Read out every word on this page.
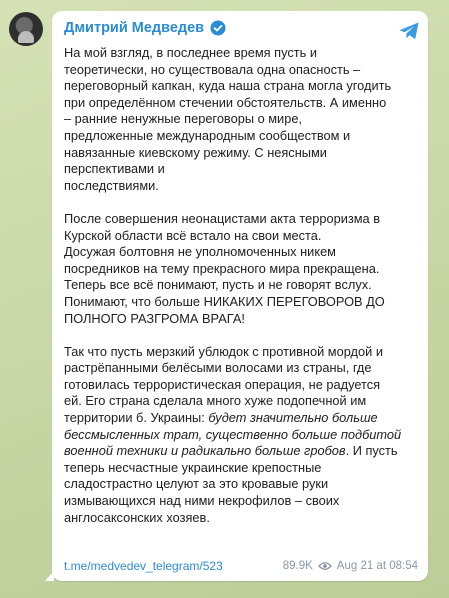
Дмитрий Медведев

На мой взгляд, в последнее время пусть и
теоретически, но существовала одна опасность –
переговорный капкан, куда наша страна могла угодить
при определённом стечении обстоятельств. А именно
– ранние ненужные переговоры о мире,
предложенные международным сообществом и
навязанные киевскому режиму. С неясными
перспективами и
последствиями.

После совершения неонацистами акта терроризма в
Курской области всё встало на свои места.
Досужая болтовня не уполномоченных никем
посредников на тему прекрасного мира прекращена.
Теперь все всё понимают, пусть и не говорят вслух.
Понимают, что больше НИКАКИХ ПЕРЕГОВОРОВ ДО
ПОЛНОГО РАЗГРОМА ВРАГА!

Так что пусть мерзкий ублюдок с противной мордой и
растрёпанными белёсыми волосами из страны, где
готовилась террористическая операция, не радуется
ей. Его страна сделала много хуже подопечной им
территории б. Украины: будет значительно больше
бессмысленных трат, существенно больше подбитой
военной техники и радикально больше гробов. И пусть
теперь несчастные украинские крепостные
сладострастно целуют за это кровавые руки
измывающихся над ними некрофилов – своих
англосаксонских хозяев.

t.me/medvedev_telegram/523	89.9K Aug 21 at 08:54
